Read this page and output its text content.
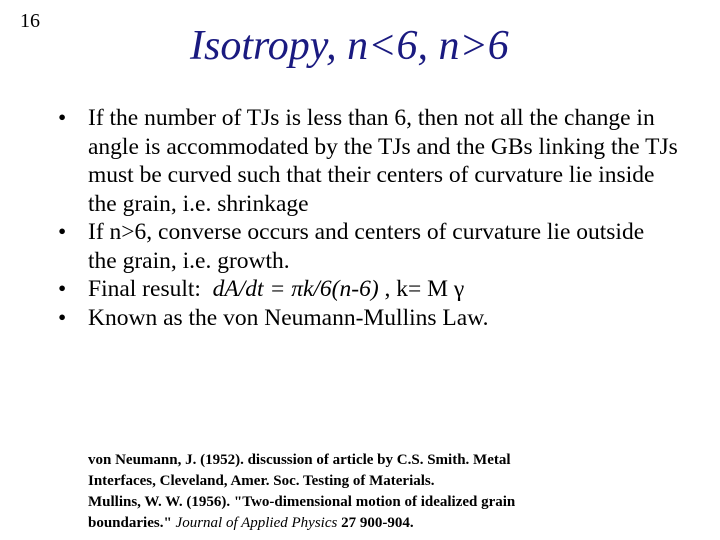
16
Isotropy, n<6, n>6
• If the number of TJs is less than 6, then not all the change in angle is accommodated by the TJs and the GBs linking the TJs must be curved such that their centers of curvature lie inside the grain, i.e. shrinkage
• If n>6, converse occurs and centers of curvature lie outside the grain, i.e. growth.
• Final result:  dA/dt = πk/6(n-6) , k= M γ
• Known as the von Neumann-Mullins Law.
von Neumann, J. (1952). discussion of article by C.S. Smith. Metal
Interfaces, Cleveland, Amer. Soc. Testing of Materials.
Mullins, W. W. (1956). "Two-dimensional motion of idealized grain
boundaries." Journal of Applied Physics 27 900-904.
